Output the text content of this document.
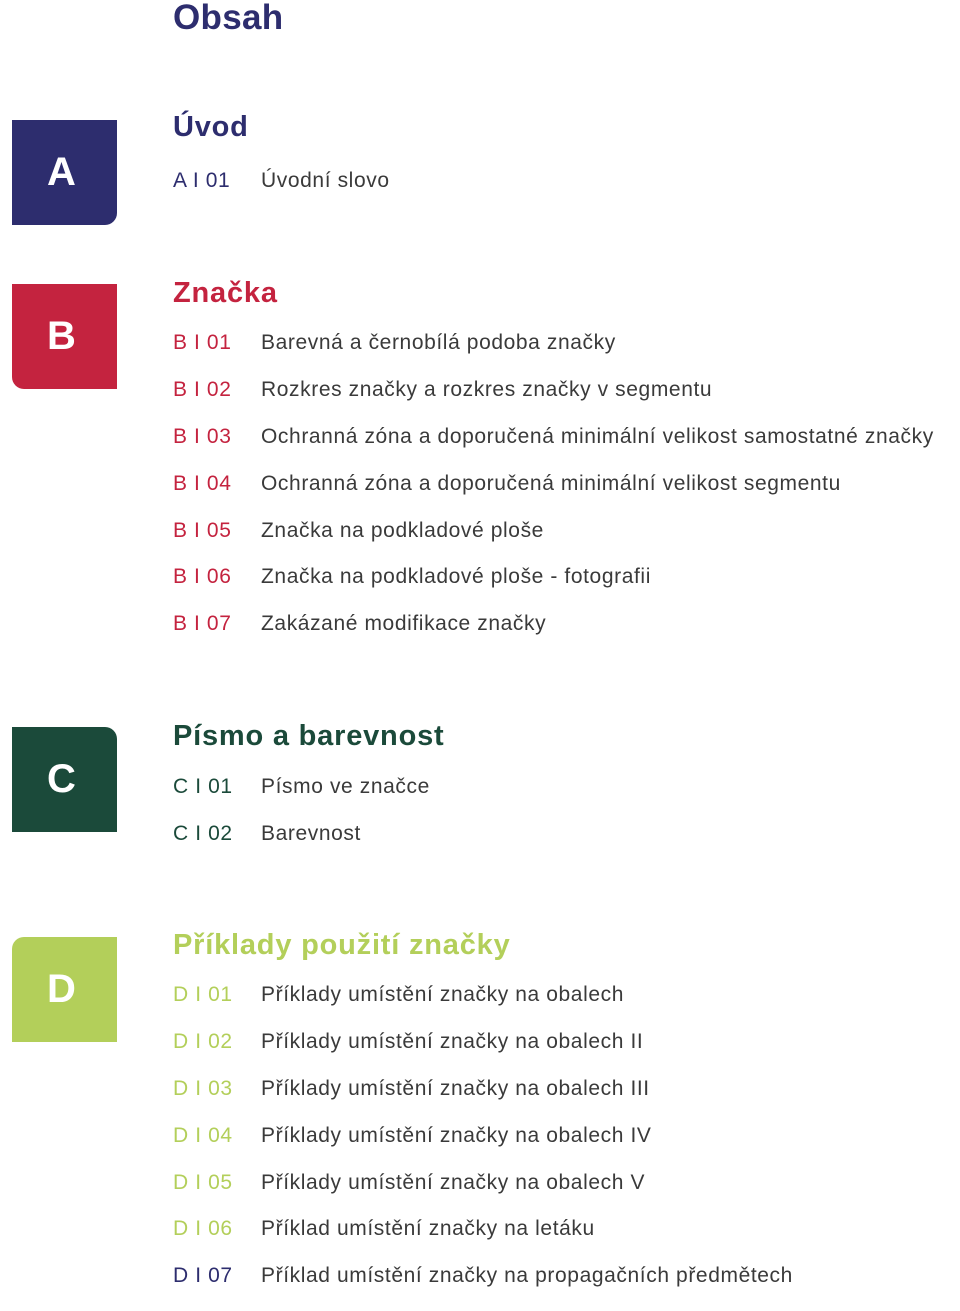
Obsah
A
Úvod
A I 01	Úvodní slovo
B
Značka
B I 01	Barevná a černobílá podoba značky
B I 02	Rozkres značky a rozkres značky v segmentu
B I 03	Ochranná zóna a doporučená minimální velikost samostatné značky
B I 04	Ochranná zóna a doporučená minimální velikost segmentu
B I 05	Značka na podkladové ploše
B I 06	Značka na podkladové ploše - fotografii
B I 07	Zakázané modifikace značky
C
Písmo a barevnost
C I 01	Písmo ve značce
C I 02	Barevnost
D
Příklady použití značky
D I 01	Příklady umístění značky na obalech
D I 02	Příklady umístění značky na obalech II
D I 03	Příklady umístění značky na obalech III
D I 04	Příklady umístění značky na obalech IV
D I 05	Příklady umístění značky na obalech V
D I 06	Příklad umístění značky na letáku
D I 07	Příklad umístění značky na propagačních předmětech
